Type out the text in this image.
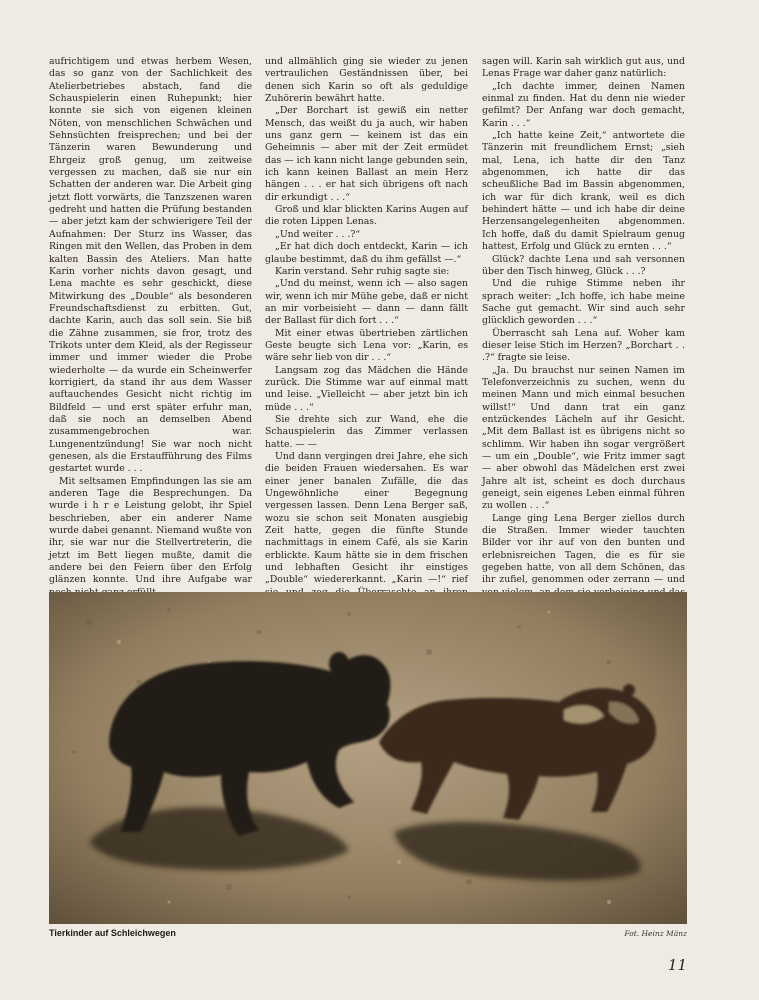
aufrichtigem und etwas herbem Wesen, das so ganz von der Sachlichkeit des Atelierbetriebes abstach, fand die Schauspielerin einen Ruhepunkt; hier konnte sie sich von eigenen kleinen Nöten, von menschlichen Schwächen und Sehnsüchten freisprechen; und bei der Tänzerin waren Bewunderung und Ehrgeiz groß genug, um zeitweise vergessen zu machen, daß sie nur ein Schatten der anderen war. Die Arbeit ging jetzt flott vorwärts, die Tanzszenen waren gedreht und hatten die Prüfung bestanden — aber jetzt kam der schwierigere Teil der Aufnahmen: Der Sturz ins Wasser, das Ringen mit den Wellen, das Proben in dem kalten Bassin des Ateliers. Man hatte Karin vorher nichts davon gesagt, und Lena machte es sehr geschickt, diese Mitwirkung des „Double“ als besonderen Freundschaftsdienst zu erbitten. Gut, dachte Karin, auch das soll sein. Sie biß die Zähne zusammen, sie fror, trotz des Trikots unter dem Kleid, als der Regisseur immer und immer wieder die Probe wiederholte — da wurde ein Scheinwerfer korrigiert, da stand ihr aus dem Wasser auftauchendes Gesicht nicht richtig im Bildfeld — und erst später erfuhr man, daß sie noch an demselben Abend zusammengebrochen war. Lungenentzündung! Sie war noch nicht genesen, als die Erstaufführung des Films gestartet wurde . . .

Mit seltsamen Empfindungen las sie am anderen Tage die Besprechungen. Da wurde i h r e Leistung gelobt, ihr Spiel beschrieben, aber ein anderer Name wurde dabei genannt. Niemand wußte von ihr, sie war nur die Stellvertreterin, die jetzt im Bett liegen mußte, damit die andere bei den Feiern über den Erfolg glänzen konnte. Und ihre Aufgabe war

und allmählich ging sie wieder zu jenen vertraulichen Geständnissen über, bei denen sich Karin so oft als geduldige Zuhörerin bewährt hatte.

„Der Borchart ist gewiß ein netter Mensch, das weißt du ja auch, wir haben uns ganz gern — keinem ist das ein Geheimnis — aber mit der Zeit ermüdet das — ich kann nicht lange gebunden sein, ich kann keinen Ballast an mein Herz hängen . . . er hat sich übrigens oft nach dir erkundigt . . .“

Groß und klar blickten Karins Augen auf die roten Lippen Lenas.

„Und weiter . . .?“

„Er hat dich doch entdeckt, Karin — ich glaube bestimmt, daß du ihm gefällst —.“

Karin verstand. Sehr ruhig sagte sie:

„Und du meinst, wenn ich — also sagen wir, wenn ich mir Mühe gebe, daß er nicht an mir vorbeisieht — dann — dann fällt der Ballast für dich fort . . .“

Mit einer etwas übertrieben zärtlichen Geste beugte sich Lena vor: „Karin, es wäre sehr lieb von dir . . .“

Langsam zog das Mädchen die Hände zurück. Die Stimme war auf einmal matt und leise. „Vielleicht — aber jetzt bin ich müde . . .“

Sie drehte sich zur Wand, ehe die Schauspielerin das Zimmer verlassen hatte. — —

Und dann vergingen drei Jahre, ehe sich die beiden Frauen wiedersahen. Es war einer jener banalen Zufälle, die das Ungewöhnliche einer Begegnung vergessen lassen. Denn Lena Berger saß, wozu sie schon seit Monaten ausgiebig Zeit hatte, gegen die fünfte Stunde nachmittags in einem Café, als sie Karin erblickte. Kaum hätte sie in dem frischen und lebhaften Gesicht ihr einstiges „Double“ wiedererkannt. „Karin —!“ rief

sagen will. Karin sah wirklich gut aus, und Lenas Frage war daher ganz natürlich:

„Ich dachte immer, deinen Namen einmal zu finden. Hat du denn nie wieder gefilmt? Der Anfang war doch gemacht, Karin . . .“

„Ich hatte keine Zeit,“ antwortete die Tänzerin mit freundlichem Ernst; „sieh mal, Lena, ich hatte dir den Tanz abgenommen, ich hatte dir das scheußliche Bad im Bassin abgenommen, ich war für dich krank, weil es dich behindert hätte — und ich habe dir deine Herzensangelegenheiten abgenommen. Ich hoffe, daß du damit Spielraum genug hattest, Erfolg und Glück zu ernten . . .“

Glück? dachte Lena und sah versonnen über den Tisch hinweg, Glück . . .?

Und die ruhige Stimme neben ihr sprach weiter: „Ich hoffe, ich habe meine Sache gut gemacht. Wir sind auch sehr glücklich geworden . . .“

Überrascht sah Lena auf. Woher kam dieser leise Stich im Herzen? „Borchart . . .?“ fragte sie leise.

„Ja. Du brauchst nur seinen Namen im Telefonverzeichnis zu suchen, wenn du meinen Mann und mich einmal besuchen willst!“ Und dann trat ein ganz entzückendes Lächeln auf ihr Gesicht. „Mit dem Ballast ist es übrigens nicht so schlimm. Wir haben ihn sogar vergrößert — um ein „Double“, wie Fritz immer sagt — aber obwohl das Mädelchen erst zwei Jahre alt ist, scheint es doch durchaus geneigt, sein eigenes Leben einmal führen zu wollen . . .“

Lange ging Lena Berger ziellos durch die Straßen. Immer wieder tauchten Bilder vor ihr auf von den bunten und erlebnisreichen Tagen, die es für sie gegeben hatte, von all dem Schönen, das ihr zufiel, genommen oder zerrann — und

Tierkinder auf Schleichwegen	Fot. Heinz Mänz
11
